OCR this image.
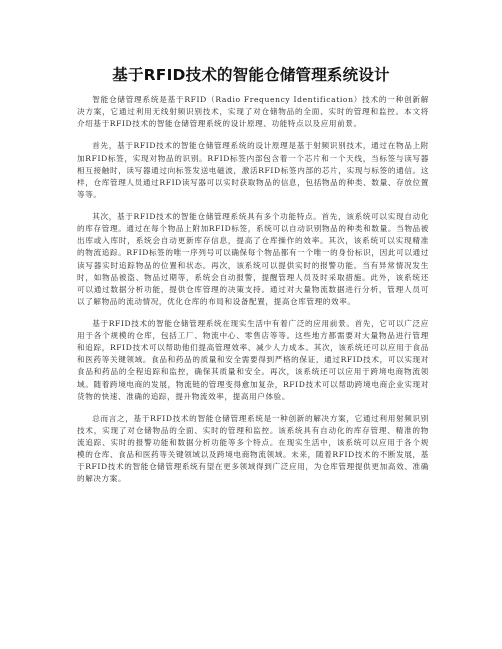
基于RFID技术的智能仓储管理系统设计

智能仓储管理系统是基于RFID（Radio Frequency Identification）技术的一种创新解决方案，它通过利用无线射频识别技术，实现了对仓储物品的全面、实时的管理和监控。本文将介绍基于RFID技术的智能仓储管理系统的设计原理、功能特点以及应用前景。

首先，基于RFID技术的智能仓储管理系统的设计原理是基于射频识别技术，通过在物品上附加RFID标签，实现对物品的识别。RFID标签内部包含着一个芯片和一个天线，当标签与读写器相互接触时，读写器通过向标签发送电磁波，激活RFID标签内部的芯片，实现与标签的通信。这样，仓库管理人员通过RFID读写器可以实时获取物品的信息，包括物品的种类、数量、存放位置等等。

其次，基于RFID技术的智能仓储管理系统具有多个功能特点。首先，该系统可以实现自动化的库存管理。通过在每个物品上附加RFID标签，系统可以自动识别物品的种类和数量。当物品被出库或入库时，系统会自动更新库存信息，提高了仓库操作的效率。其次，该系统可以实现精准的物流追踪。RFID标签的唯一序列号可以确保每个物品都有一个唯一的身份标识，因此可以通过读写器实时追踪物品的位置和状态。再次，该系统可以提供实时的报警功能。当有异常情况发生时，如物品被盗、物品过期等，系统会自动报警，提醒管理人员及时采取措施。此外，该系统还可以通过数据分析功能，提供仓库管理的决策支持。通过对大量物流数据进行分析，管理人员可以了解物品的流动情况，优化仓库的布局和设备配置，提高仓库管理的效率。

基于RFID技术的智能仓储管理系统在现实生活中有着广泛的应用前景。首先，它可以广泛应用于各个规模的仓库，包括工厂、物流中心、零售店等等。这些地方都需要对大量物品进行管理和追踪，RFID技术可以帮助他们提高管理效率、减少人力成本。其次，该系统还可以应用于食品和医药等关键领域。食品和药品的质量和安全需要得到严格的保证，通过RFID技术，可以实现对食品和药品的全程追踪和监控，确保其质量和安全。再次，该系统还可以应用于跨境电商物流领域。随着跨境电商的发展，物流链的管理变得愈加复杂，RFID技术可以帮助跨境电商企业实现对货物的快速、准确的追踪，提升物流效率，提高用户体验。

总而言之，基于RFID技术的智能仓储管理系统是一种创新的解决方案，它通过利用射频识别技术，实现了对仓储物品的全面、实时的管理和监控。该系统具有自动化的库存管理、精准的物流追踪、实时的报警功能和数据分析功能等多个特点。在现实生活中，该系统可以应用于各个规模的仓库、食品和医药等关键领域以及跨境电商物流领域。未来，随着RFID技术的不断发展，基于RFID技术的智能仓储管理系统有望在更多领域得到广泛应用，为仓库管理提供更加高效、准确的解决方案。
